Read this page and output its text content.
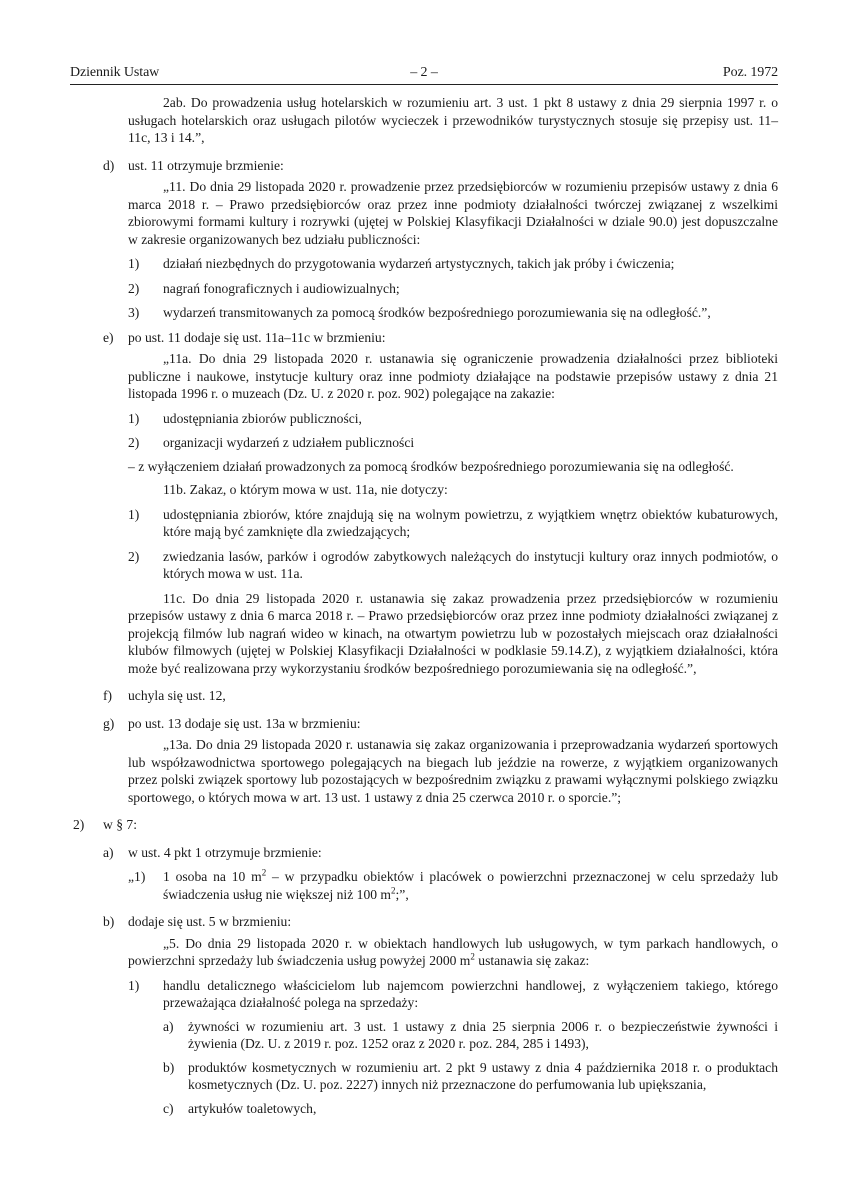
Dziennik Ustaw	– 2 –	Poz. 1972

2ab. Do prowadzenia usług hotelarskich w rozumieniu art. 3 ust. 1 pkt 8 ustawy z dnia 29 sierpnia 1997 r. o usługach hotelarskich oraz usługach pilotów wycieczek i przewodników turystycznych stosuje się przepisy ust. 11–11c, 13 i 14.”,

d) ust. 11 otrzymuje brzmienie:

„11. Do dnia 29 listopada 2020 r. prowadzenie przez przedsiębiorców w rozumieniu przepisów ustawy z dnia 6 marca 2018 r. – Prawo przedsiębiorców oraz przez inne podmioty działalności twórczej związanej z wszelkimi zbiorowymi formami kultury i rozrywki (ujętej w Polskiej Klasyfikacji Działalności w dziale 90.0) jest dopuszczalne w zakresie organizowanych bez udziału publiczności:

1) działań niezbędnych do przygotowania wydarzeń artystycznych, takich jak próby i ćwiczenia;
2) nagrań fonograficznych i audiowizualnych;
3) wydarzeń transmitowanych za pomocą środków bezpośredniego porozumiewania się na odległość.”,
e) po ust. 11 dodaje się ust. 11a–11c w brzmieniu:

„11a. Do dnia 29 listopada 2020 r. ustanawia się ograniczenie prowadzenia działalności przez biblioteki publiczne i naukowe, instytucje kultury oraz inne podmioty działające na podstawie przepisów ustawy z dnia 21 listopada 1996 r. o muzeach (Dz. U. z 2020 r. poz. 902) polegające na zakazie:

1) udostępniania zbiorów publiczności,
2) organizacji wydarzeń z udziałem publiczności

– z wyłączeniem działań prowadzonych za pomocą środków bezpośredniego porozumiewania się na odległość.

11b. Zakaz, o którym mowa w ust. 11a, nie dotyczy:

1) udostępniania zbiorów, które znajdują się na wolnym powietrzu, z wyjątkiem wnętrz obiektów kubaturowych, które mają być zamknięte dla zwiedzających;
2) zwiedzania lasów, parków i ogrodów zabytkowych należących do instytucji kultury oraz innych podmiotów, o których mowa w ust. 11a.

11c. Do dnia 29 listopada 2020 r. ustanawia się zakaz prowadzenia przez przedsiębiorców w rozumieniu przepisów ustawy z dnia 6 marca 2018 r. – Prawo przedsiębiorców oraz przez inne podmioty działalności związanej z projekcją filmów lub nagrań wideo w kinach, na otwartym powietrzu lub w pozostałych miejscach oraz działalności klubów filmowych (ujętej w Polskiej Klasyfikacji Działalności w podklasie 59.14.Z), z wyjątkiem działalności, która może być realizowana przy wykorzystaniu środków bezpośredniego porozumiewania się na odległość.”,

f) uchyla się ust. 12,
g) po ust. 13 dodaje się ust. 13a w brzmieniu:

„13a. Do dnia 29 listopada 2020 r. ustanawia się zakaz organizowania i przeprowadzania wydarzeń sportowych lub współzawodnictwa sportowego polegających na biegach lub jeździe na rowerze, z wyjątkiem organizowanych przez polski związek sportowy lub pozostających w bezpośrednim związku z prawami wyłącznymi polskiego związku sportowego, o których mowa w art. 13 ust. 1 ustawy z dnia 25 czerwca 2010 r. o sporcie.”;

2) w § 7:
a) w ust. 4 pkt 1 otrzymuje brzmienie:
„1) 1 osoba na 10 $m^2$ – w przypadku obiektów i placówek o powierzchni przeznaczonej w celu sprzedaży lub świadczenia usług nie większej niż 100 $m^2$;”,
b) dodaje się ust. 5 w brzmieniu:

„5. Do dnia 29 listopada 2020 r. w obiektach handlowych lub usługowych, w tym parkach handlowych, o powierzchni sprzedaży lub świadczenia usług powyżej 2000 $m^2$ ustanawia się zakaz:

1) handlu detalicznego właścicielom lub najemcom powierzchni handlowej, z wyłączeniem takiego, którego przeważająca działalność polega na sprzedaży:
a) żywności w rozumieniu art. 3 ust. 1 ustawy z dnia 25 sierpnia 2006 r. o bezpieczeństwie żywności i żywienia (Dz. U. z 2019 r. poz. 1252 oraz z 2020 r. poz. 284, 285 i 1493),
b) produktów kosmetycznych w rozumieniu art. 2 pkt 9 ustawy z dnia 4 października 2018 r. o produktach kosmetycznych (Dz. U. poz. 2227) innych niż przeznaczone do perfumowania lub upiększania,
c) artykułów toaletowych,
